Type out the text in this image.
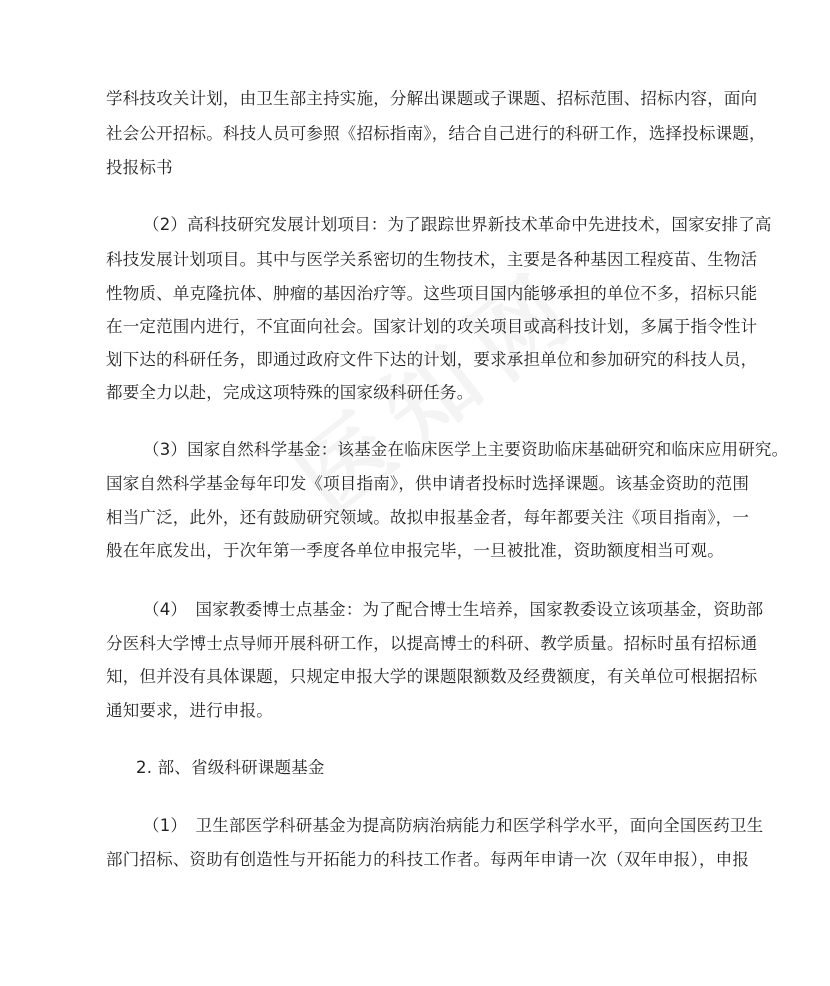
学科技攻关计划，由卫生部主持实施，分解出课题或子课题、招标范围、招标内容，面向
社会公开招标。科技人员可参照《招标指南》，结合自己进行的科研工作，选择投标课题，
投报标书
（2）高科技研究发展计划项目：为了跟踪世界新技术革命中先进技术，国家安排了高
科技发展计划项目。其中与医学关系密切的生物技术，主要是各种基因工程疫苗、生物活
性物质、单克隆抗体、肿瘤的基因治疗等。这些项目国内能够承担的单位不多，招标只能
在一定范围内进行，不宜面向社会。国家计划的攻关项目或高科技计划，多属于指令性计
划下达的科研任务，即通过政府文件下达的计划，要求承担单位和参加研究的科技人员，
都要全力以赴，完成这项特殊的国家级科研任务。
（3）国家自然科学基金：该基金在临床医学上主要资助临床基础研究和临床应用研究。
国家自然科学基金每年印发《项目指南》，供申请者投标时选择课题。该基金资助的范围
相当广泛，此外，还有鼓励研究领域。故拟申报基金者，每年都要关注《项目指南》，一
般在年底发出，于次年第一季度各单位申报完毕，一旦被批准，资助额度相当可观。
（4）　国家教委博士点基金：为了配合博士生培养，国家教委设立该项基金，资助部
分医科大学博士点导师开展科研工作，以提高博士的科研、教学质量。招标时虽有招标通
知，但并没有具体课题，只规定申报大学的课题限额数及经费额度，有关单位可根据招标
通知要求，进行申报。
2. 部、省级科研课题基金
（1）　卫生部医学科研基金为提高防病治病能力和医学科学水平，面向全国医药卫生
部门招标、资助有创造性与开拓能力的科技工作者。每两年申请一次（双年申报），申报
